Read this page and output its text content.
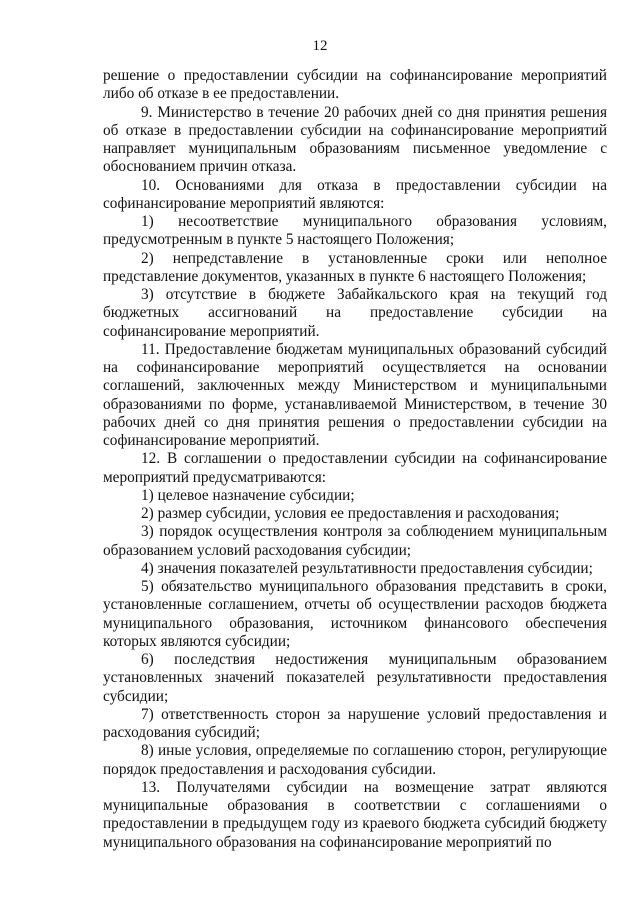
12

решение о предоставлении субсидии на софинансирование мероприятий либо об отказе в ее предоставлении.

9. Министерство в течение 20 рабочих дней со дня принятия решения об отказе в предоставлении субсидии на софинансирование мероприятий направляет муниципальным образованиям письменное уведомление с обоснованием причин отказа.

10. Основаниями для отказа в предоставлении субсидии на софинансирование мероприятий являются:

1) несоответствие муниципального образования условиям, предусмотренным в пункте 5 настоящего Положения;

2) непредставление в установленные сроки или неполное представление документов, указанных в пункте 6 настоящего Положения;

3) отсутствие в бюджете Забайкальского края на текущий год бюджетных ассигнований на предоставление субсидии на софинансирование мероприятий.

11. Предоставление бюджетам муниципальных образований субсидий на софинансирование мероприятий осуществляется на основании соглашений, заключенных между Министерством и муниципальными образованиями по форме, устанавливаемой Министерством, в течение 30 рабочих дней со дня принятия решения о предоставлении субсидии на софинансирование мероприятий.

12. В соглашении о предоставлении субсидии на софинансирование мероприятий предусматриваются:

1) целевое назначение субсидии;

2) размер субсидии, условия ее предоставления и расходования;

3) порядок осуществления контроля за соблюдением муниципальным образованием условий расходования субсидии;

4) значения показателей результативности предоставления субсидии;

5) обязательство муниципального образования представить в сроки, установленные соглашением, отчеты об осуществлении расходов бюджета муниципального образования, источником финансового обеспечения которых являются субсидии;

6) последствия недостижения муниципальным образованием установленных значений показателей результативности предоставления субсидии;

7) ответственность сторон за нарушение условий предоставления и расходования субсидий;

8) иные условия, определяемые по соглашению сторон, регулирующие порядок предоставления и расходования субсидии.

13. Получателями субсидии на возмещение затрат являются муниципальные образования в соответствии с соглашениями о предоставлении в предыдущем году из краевого бюджета субсидий бюджету муниципального образования на софинансирование мероприятий по
